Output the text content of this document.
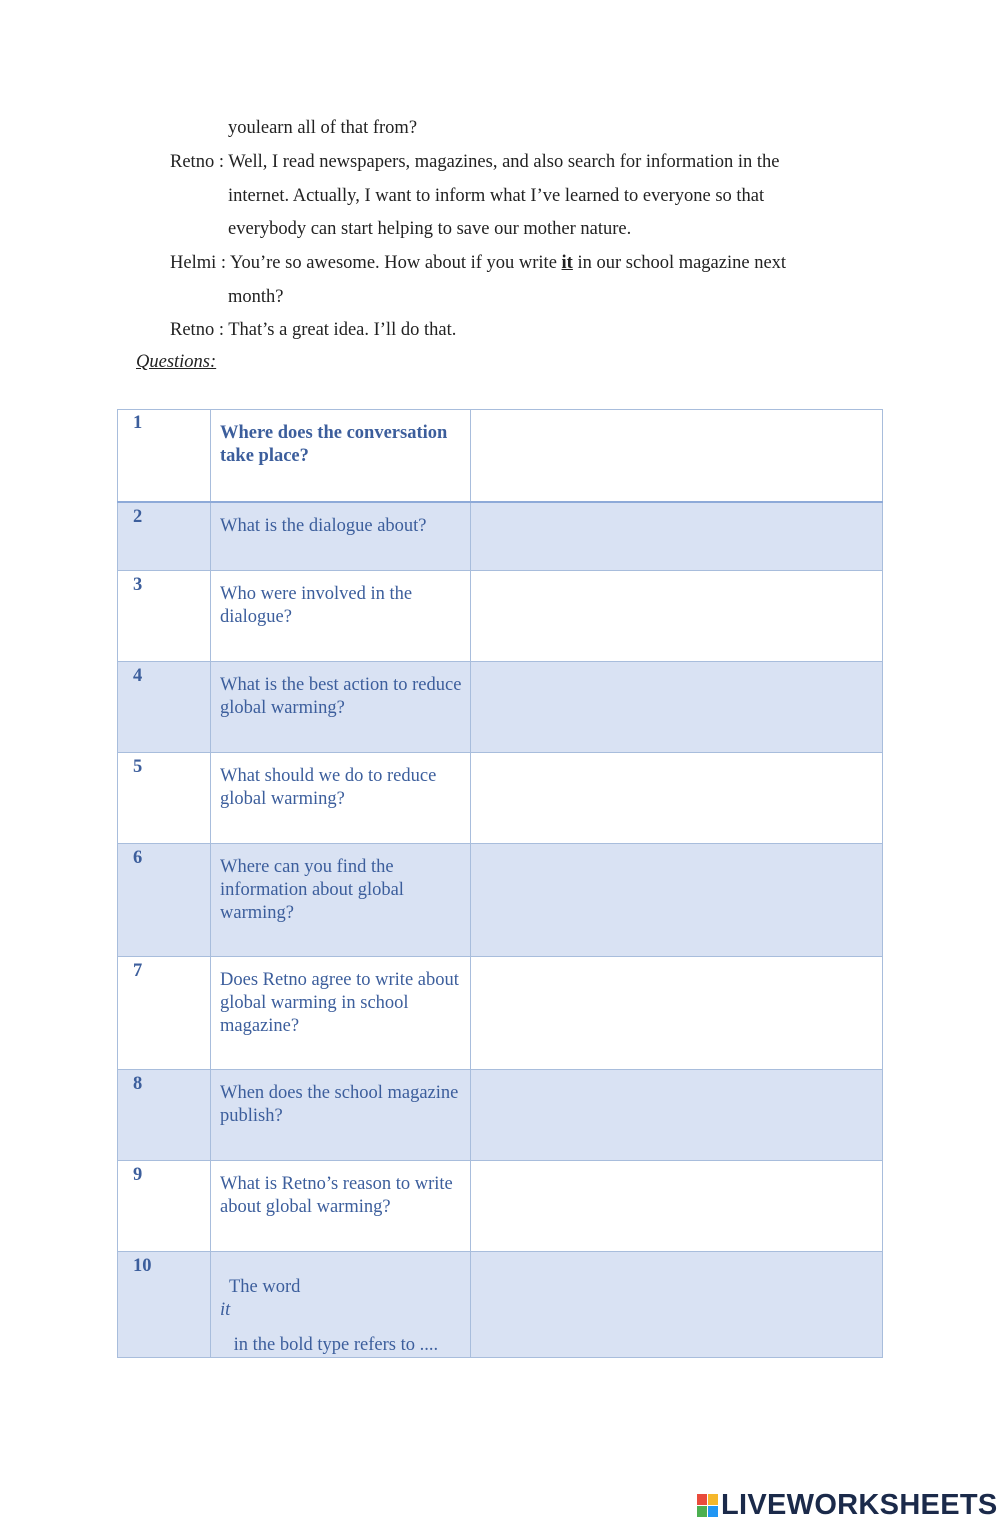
youlearn all of that from?
Retno : Well, I read newspapers, magazines, and also search for information in the
internet. Actually, I want to inform what I’ve learned to everyone so that
everybody can start helping to save our mother nature.
Helmi : You’re so awesome. How about if you write it in our school magazine next
month?
Retno : That’s a great idea. I’ll do that.
Questions:
1	Where does the conversation take place?	

2	What is the dialogue about?	

3	Who were involved in the dialogue?	

4	What is the best action to reduce global warming?	

5	What should we do to reduce global warming?	

6	Where can you find the information about global warming?	

7	Does Retno agree to write about global warming in school magazine?	

8	When does the school magazine publish?	

9	What is Retno’s reason to write about global warming?	

10	The word
it
in the bold type refers to ....	

LIVEWORKSHEETS
